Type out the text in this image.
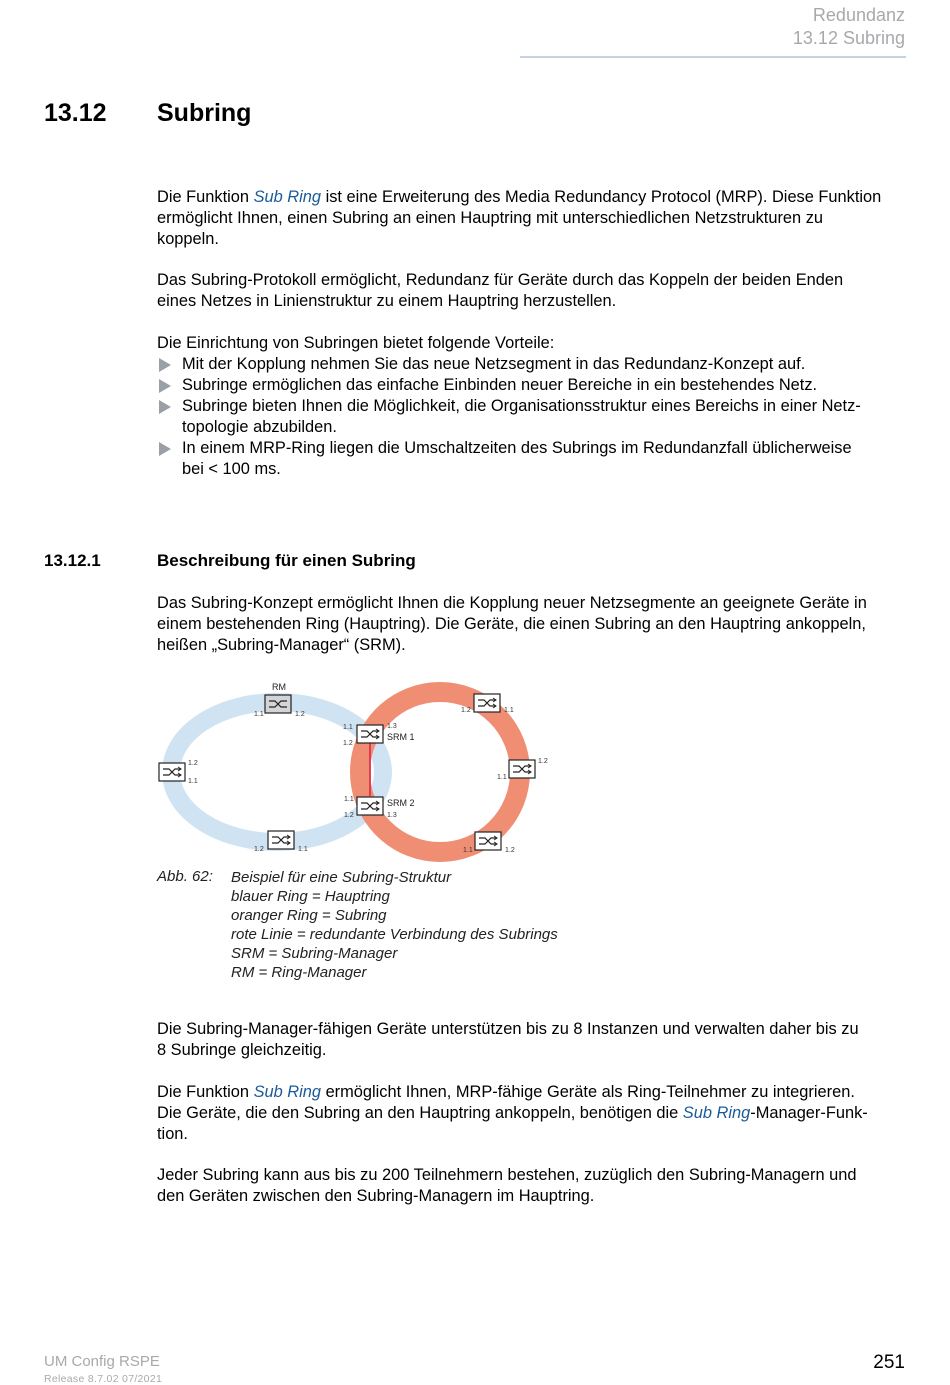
Redundanz
13.12 Subring
13.12 Subring

Die Funktion Sub Ring ist eine Erweiterung des Media Redundancy Protocol (MRP). Diese Funktion
ermöglicht Ihnen, einen Subring an einen Hauptring mit unterschiedlichen Netzstrukturen zu
koppeln.

Das Subring-Protokoll ermöglicht, Redundanz für Geräte durch das Koppeln der beiden Enden
eines Netzes in Linienstruktur zu einem Hauptring herzustellen.

Die Einrichtung von Subringen bietet folgende Vorteile:

Mit der Kopplung nehmen Sie das neue Netzsegment in das Redundanz-Konzept auf.
Subringe ermöglichen das einfache Einbinden neuer Bereiche in ein bestehendes Netz.
Subringe bieten Ihnen die Möglichkeit, die Organisationsstruktur eines Bereichs in einer Netz-
topologie abzubilden.
In einem MRP-Ring liegen die Umschaltzeiten des Subrings im Redundanzfall üblicherweise
bei < 100 ms.
13.12.1	Beschreibung für einen Subring

Das Subring-Konzept ermöglicht Ihnen die Kopplung neuer Netzsegmente an geeignete Geräte in
einem bestehenden Ring (Hauptring). Die Geräte, die einen Subring an den Hauptring ankoppeln,
heißen „Subring-Manager“ (SRM).

RM
1.1	1.2
1.2
1.1
1.2	1.1
1.1	1.3
1.2
SRM 1
1.1
1.2	1.3
SRM 2
1.2	1.1
1.2
1.1
1.1	1.2
Abb. 62: Beispiel für eine Subring-Struktur
blauer Ring = Hauptring
oranger Ring = Subring
rote Linie = redundante Verbindung des Subrings
SRM = Subring-Manager
RM = Ring-Manager

Die Subring-Manager-fähigen Geräte unterstützen bis zu 8 Instanzen und verwalten daher bis zu
8 Subringe gleichzeitig.

Die Funktion Sub Ring ermöglicht Ihnen, MRP-fähige Geräte als Ring-Teilnehmer zu integrieren.
Die Geräte, die den Subring an den Hauptring ankoppeln, benötigen die Sub Ring-Manager-Funk-
tion.

Jeder Subring kann aus bis zu 200 Teilnehmern bestehen, zuzüglich den Subring-Managern und
den Geräten zwischen den Subring-Managern im Hauptring.

UM Config RSPE
Release 8.7.02 07/2021
251
